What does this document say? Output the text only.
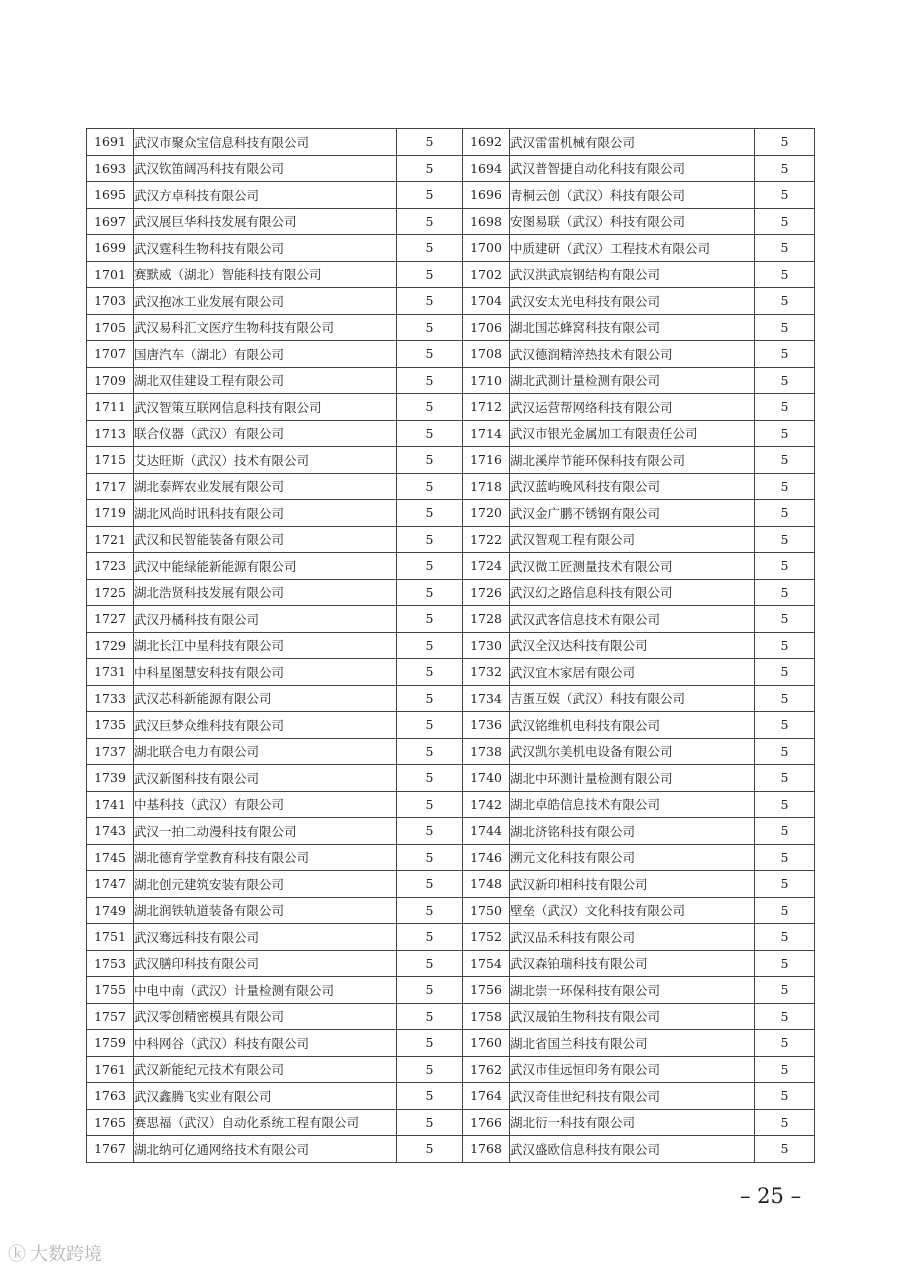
1691	武汉市聚众宝信息科技有限公司	5	1692	武汉雷雷机械有限公司	5
1693	武汉钦笛阔冯科技有限公司	5	1694	武汉普智捷自动化科技有限公司	5
1695	武汉方卓科技有限公司	5	1696	青桐云创（武汉）科技有限公司	5
1697	武汉展巨华科技发展有限公司	5	1698	安图易联（武汉）科技有限公司	5
1699	武汉霆科生物科技有限公司	5	1700	中质建研（武汉）工程技术有限公司	5
1701	赛默威（湖北）智能科技有限公司	5	1702	武汉洪武宸钢结构有限公司	5
1703	武汉抱冰工业发展有限公司	5	1704	武汉安太光电科技有限公司	5
1705	武汉易科汇文医疗生物科技有限公司	5	1706	湖北国芯蜂窝科技有限公司	5
1707	国唐汽车（湖北）有限公司	5	1708	武汉德润精淬热技术有限公司	5
1709	湖北双佳建设工程有限公司	5	1710	湖北武測计量检测有限公司	5
1711	武汉智策互联网信息科技有限公司	5	1712	武汉运营帮网络科技有限公司	5
1713	联合仪器（武汉）有限公司	5	1714	武汉市银光金属加工有限责任公司	5
1715	艾达旺斯（武汉）技术有限公司	5	1716	湖北溪岸节能环保科技有限公司	5
1717	湖北泰辉农业发展有限公司	5	1718	武汉蓝屿晚风科技有限公司	5
1719	湖北风尚时讯科技有限公司	5	1720	武汉金广鹏不锈钢有限公司	5
1721	武汉和民智能装备有限公司	5	1722	武汉智观工程有限公司	5
1723	武汉中能绿能新能源有限公司	5	1724	武汉微工匠测量技术有限公司	5
1725	湖北浩贤科技发展有限公司	5	1726	武汉幻之路信息科技有限公司	5
1727	武汉丹橘科技有限公司	5	1728	武汉武客信息技术有限公司	5
1729	湖北长江中星科技有限公司	5	1730	武汉全汉达科技有限公司	5
1731	中科星图慧安科技有限公司	5	1732	武汉宜木家居有限公司	5
1733	武汉芯科新能源有限公司	5	1734	吉蛋互娱（武汉）科技有限公司	5
1735	武汉巨梦众维科技有限公司	5	1736	武汉铭维机电科技有限公司	5
1737	湖北联合电力有限公司	5	1738	武汉凯尔美机电设备有限公司	5
1739	武汉新图科技有限公司	5	1740	湖北中环测计量检测有限公司	5
1741	中基科技（武汉）有限公司	5	1742	湖北卓皓信息技术有限公司	5
1743	武汉一拍二动漫科技有限公司	5	1744	湖北济铭科技有限公司	5
1745	湖北德育学堂教育科技有限公司	5	1746	溯元文化科技有限公司	5
1747	湖北创元建筑安装有限公司	5	1748	武汉新印相科技有限公司	5
1749	湖北润铁轨道装备有限公司	5	1750	壁垒（武汉）文化科技有限公司	5
1751	武汉骞远科技有限公司	5	1752	武汉品禾科技有限公司	5
1753	武汉膳印科技有限公司	5	1754	武汉森铂瑞科技有限公司	5
1755	中电中南（武汉）计量检测有限公司	5	1756	湖北崇一环保科技有限公司	5
1757	武汉零创精密模具有限公司	5	1758	武汉晟铂生物科技有限公司	5
1759	中科网谷（武汉）科技有限公司	5	1760	湖北省国兰科技有限公司	5
1761	武汉新能纪元技术有限公司	5	1762	武汉市佳远恒印务有限公司	5
1763	武汉鑫腾飞实业有限公司	5	1764	武汉奇佳世纪科技有限公司	5
1765	赛思福（武汉）自动化系统工程有限公司	5	1766	湖北衍一科技有限公司	5
1767	湖北纳可亿通网络技术有限公司	5	1768	武汉盛欧信息科技有限公司	5
– 25 –
ⓚ 大数跨境
